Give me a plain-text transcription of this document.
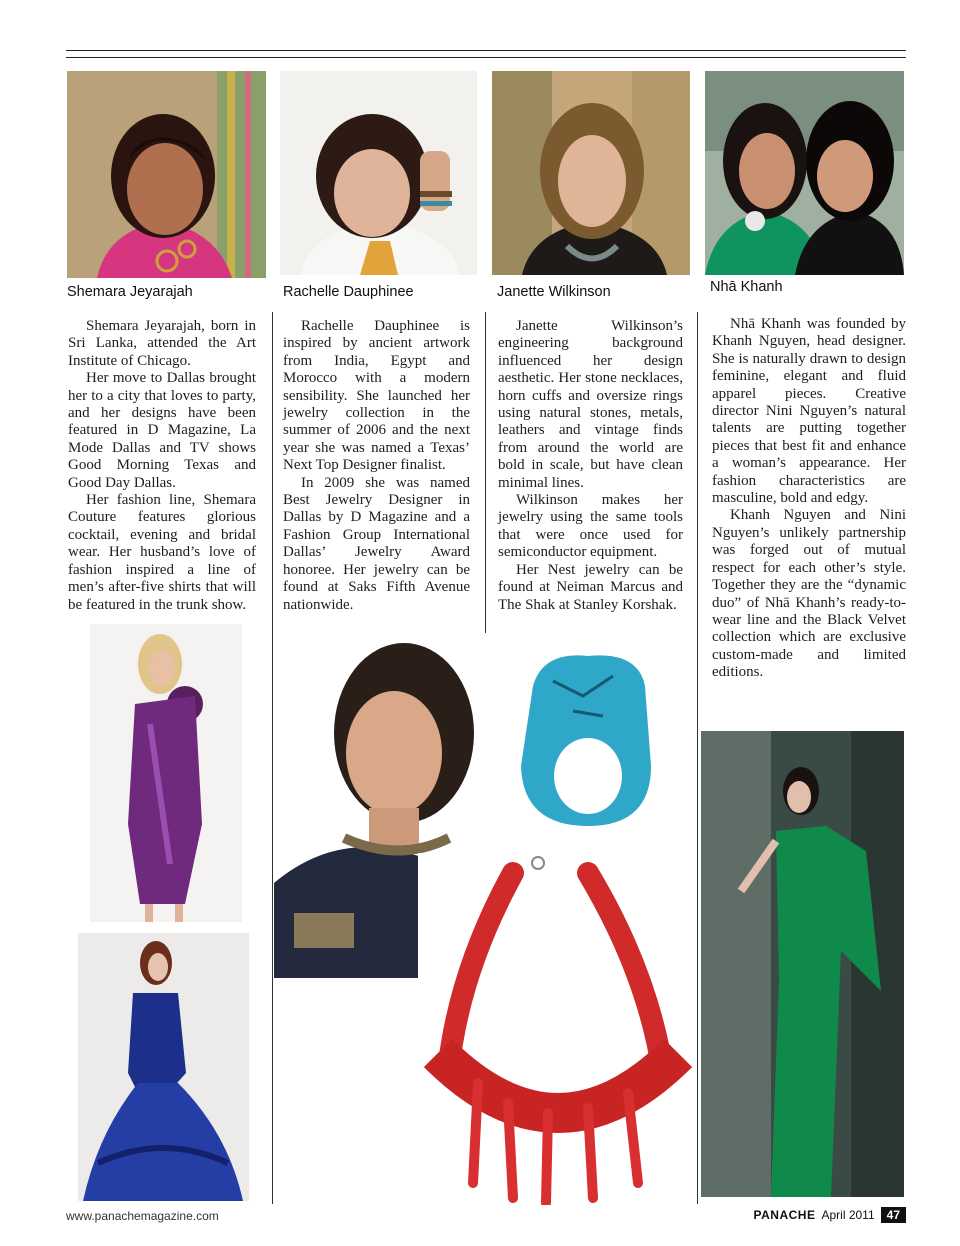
Shemara Jeyarajah	Rachelle Dauphinee	Janette Wilkinson	Nhā Khanh

Shemara Jeyarajah, born in Sri Lanka, attended the Art Institute of Chicago.

Her move to Dallas brought her to a city that loves to party, and her designs have been featured in D Magazine, La Mode Dallas and TV shows Good Morning Texas and Good Day Dallas.

Her fashion line, Shemara Couture features glorious cocktail, evening and bridal wear. Her husband’s love of fashion inspired a line of men’s after-five shirts that will be featured in the trunk show.

Rachelle Dauphinee is inspired by ancient artwork from India, Egypt and Morocco with a modern sensibility. She launched her jewelry collection in the summer of 2006 and the next year she was named a Texas’ Next Top Designer finalist.

In 2009 she was named Best Jewelry Designer in Dallas by D Magazine and a Fashion Group International Dallas’ Jewelry Award honoree. Her jewelry can be found at Saks Fifth Avenue nationwide.

Janette Wilkinson’s engineering background influenced her design aesthetic. Her stone necklaces, horn cuffs and oversize rings using natural stones, metals, leathers and vintage finds from around the world are bold in scale, but have clean minimal lines.

Wilkinson makes her jewelry using the same tools that were once used for semiconductor equipment.

Her Nest jewelry can be found at Neiman Marcus and The Shak at Stanley Korshak.

Nhā Khanh was founded by Khanh Nguyen, head designer. She is naturally drawn to design feminine, elegant and fluid apparel pieces. Creative director Nini Nguyen’s natural talents are putting together pieces that best fit and enhance a woman’s appearance. Her fashion characteristics are masculine, bold and edgy.

Khanh Nguyen and Nini Nguyen’s unlikely partnership was forged out of mutual respect for each other’s style. Together they are the “dynamic duo” of Nhā Khanh’s ready-to-wear line and the Black Velvet collection which are exclusive custom-made and limited editions.

www.panachemagazine.com	PANACHE April 2011	47
